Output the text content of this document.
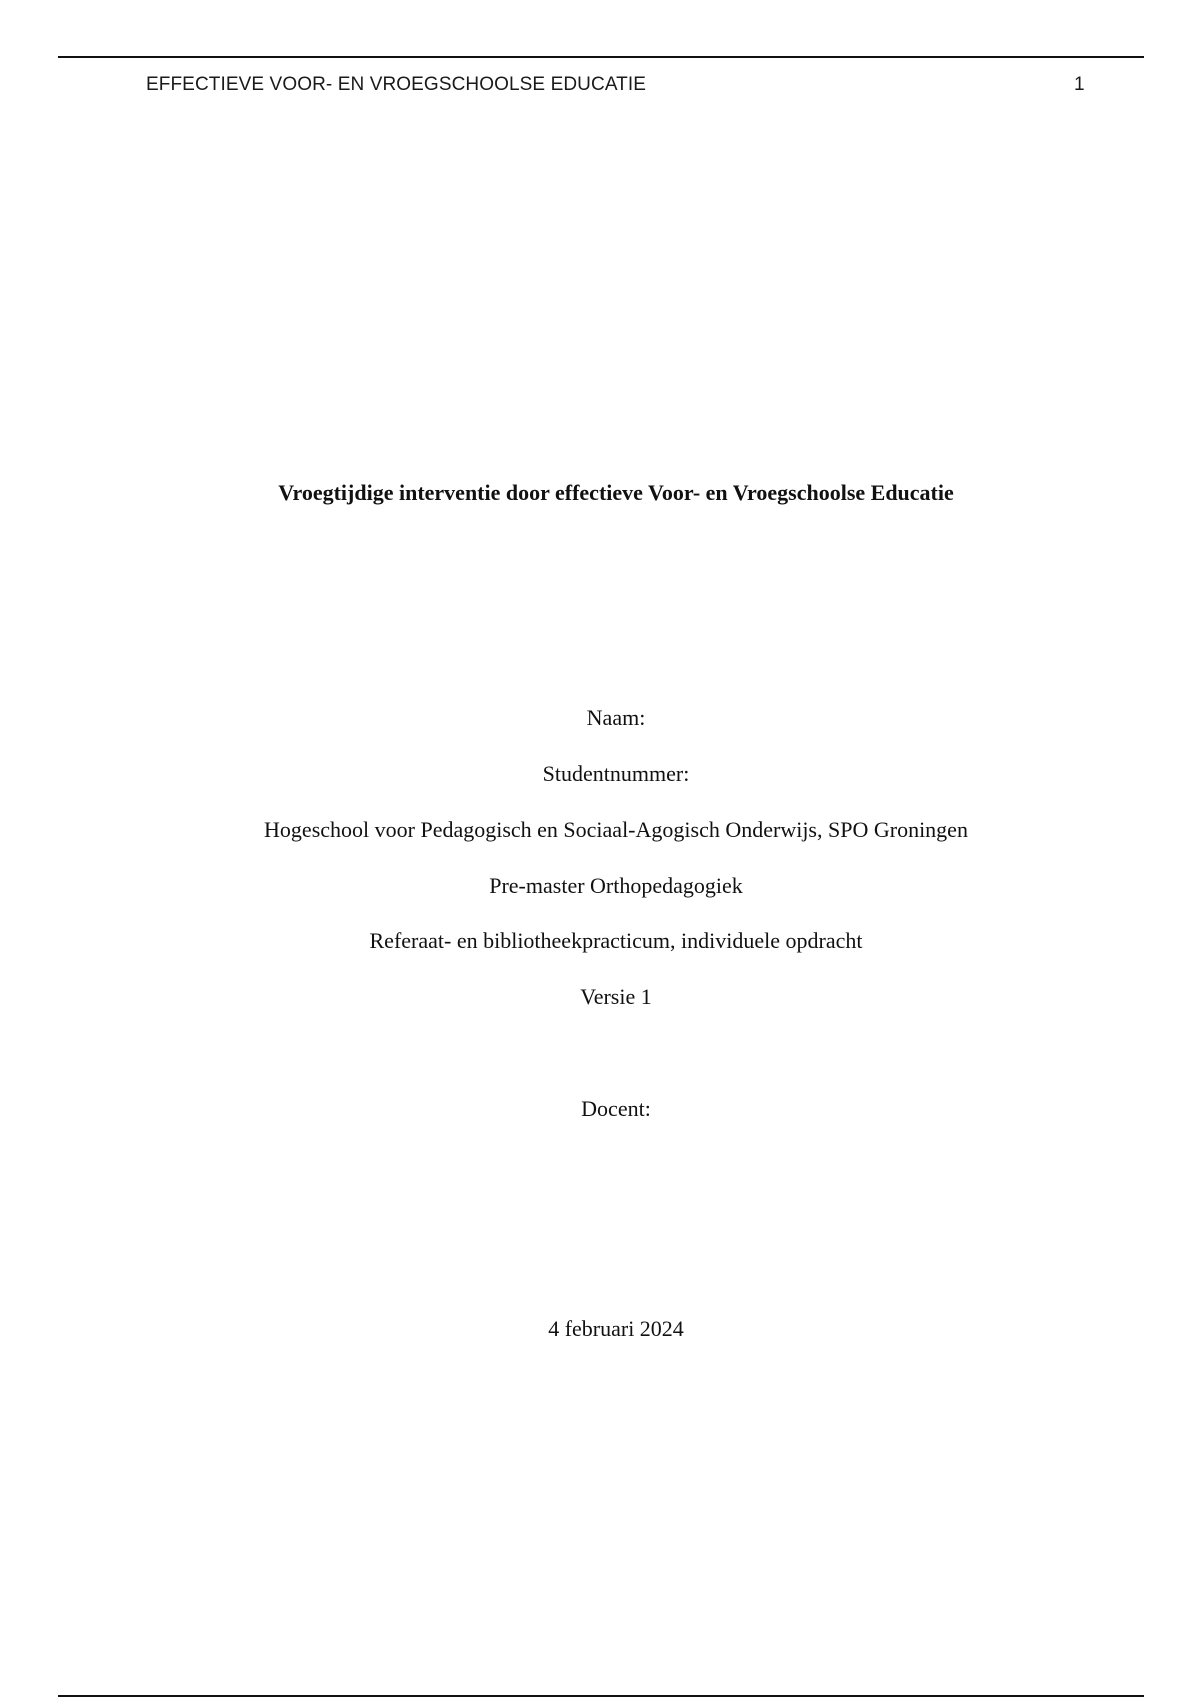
EFFECTIEVE VOOR- EN VROEGSCHOOLSE EDUCATIE	1
Vroegtijdige interventie door effectieve Voor- en Vroegschoolse Educatie
Naam:
Studentnummer:
Hogeschool voor Pedagogisch en Sociaal-Agogisch Onderwijs, SPO Groningen
Pre-master Orthopedagogiek
Referaat- en bibliotheekpracticum, individuele opdracht
Versie 1
Docent:
4 februari 2024
